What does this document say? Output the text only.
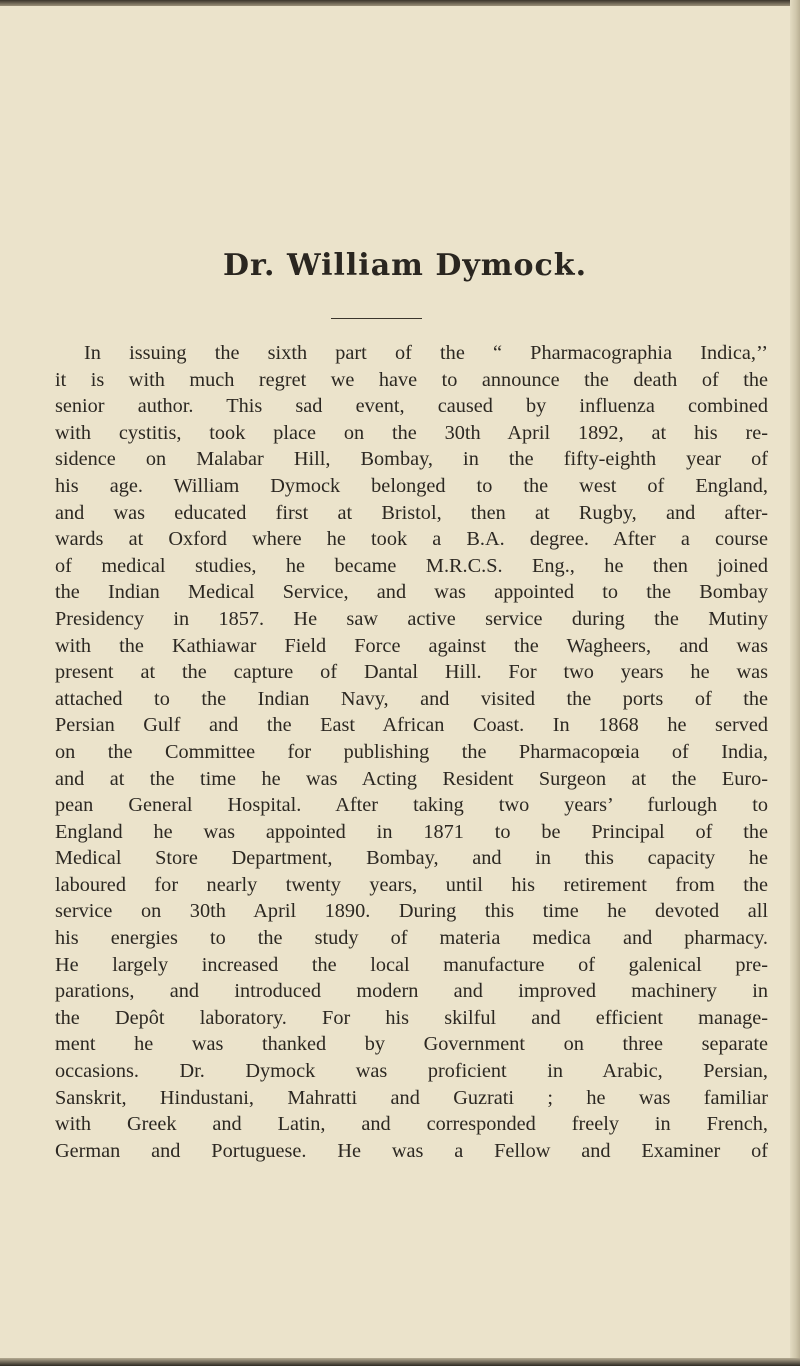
Dr. William Dymock.
In issuing the sixth part of the “ Pharmacographia Indica,’’
it is with much regret we have to announce the death of the
senior author. This sad event, caused by influenza combined
with cystitis, took place on the 30th April 1892, at his re-
sidence on Malabar Hill, Bombay, in the fifty-eighth year of
his age. William Dymock belonged to the west of England,
and was educated first at Bristol, then at Rugby, and after-
wards at Oxford where he took a B.A. degree. After a course
of medical studies, he became M.R.C.S. Eng., he then joined
the Indian Medical Service, and was appointed to the Bombay
Presidency in 1857. He saw active service during the Mutiny
with the Kathiawar Field Force against the Wagheers, and was
present at the capture of Dantal Hill. For two years he was
attached to the Indian Navy, and visited the ports of the
Persian Gulf and the East African Coast. In 1868 he served
on the Committee for publishing the Pharmacopœia of India,
and at the time he was Acting Resident Surgeon at the Euro-
pean General Hospital. After taking two years’ furlough to
England he was appointed in 1871 to be Principal of the
Medical Store Department, Bombay, and in this capacity he
laboured for nearly twenty years, until his retirement from the
service on 30th April 1890. During this time he devoted all
his energies to the study of materia medica and pharmacy.
He largely increased the local manufacture of galenical pre-
parations, and introduced modern and improved machinery in
the Depôt laboratory. For his skilful and efficient manage-
ment he was thanked by Government on three separate
occasions. Dr. Dymock was proficient in Arabic, Persian,
Sanskrit, Hindustani, Mahratti and Guzrati ; he was familiar
with Greek and Latin, and corresponded freely in French,
German and Portuguese. He was a Fellow and Examiner of
